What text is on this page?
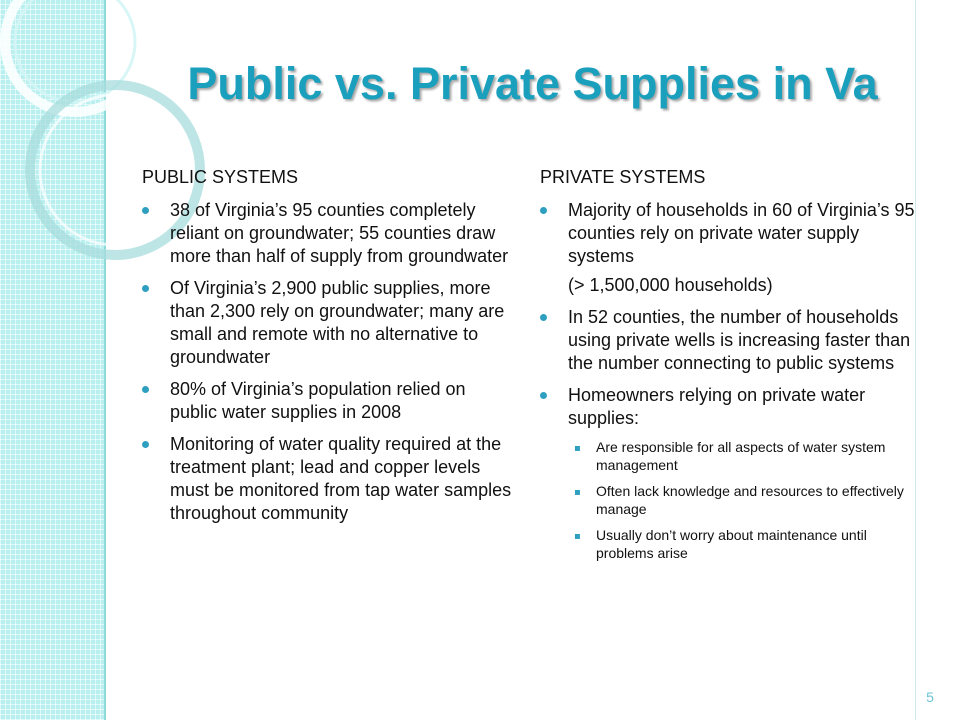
Public vs. Private Supplies in Va
PUBLIC SYSTEMS
38 of Virginia’s 95 counties completely reliant on groundwater; 55 counties draw more than half of supply from groundwater
Of Virginia’s 2,900 public supplies, more than 2,300 rely on groundwater; many are small and remote with no alternative to groundwater
80% of Virginia’s population relied on public water supplies in 2008
Monitoring of water quality required at the treatment plant; lead and copper levels must be monitored from tap water samples throughout community
PRIVATE SYSTEMS
Majority of households in 60 of Virginia’s 95 counties rely on private water supply systems
(> 1,500,000 households)
In 52 counties, the number of households using private wells is increasing faster than the number connecting to public systems
Homeowners relying on private water supplies:
▪ Are responsible for all aspects of water system management
▪ Often lack knowledge and resources to effectively manage
▪ Usually don’t worry about maintenance until problems arise
5
